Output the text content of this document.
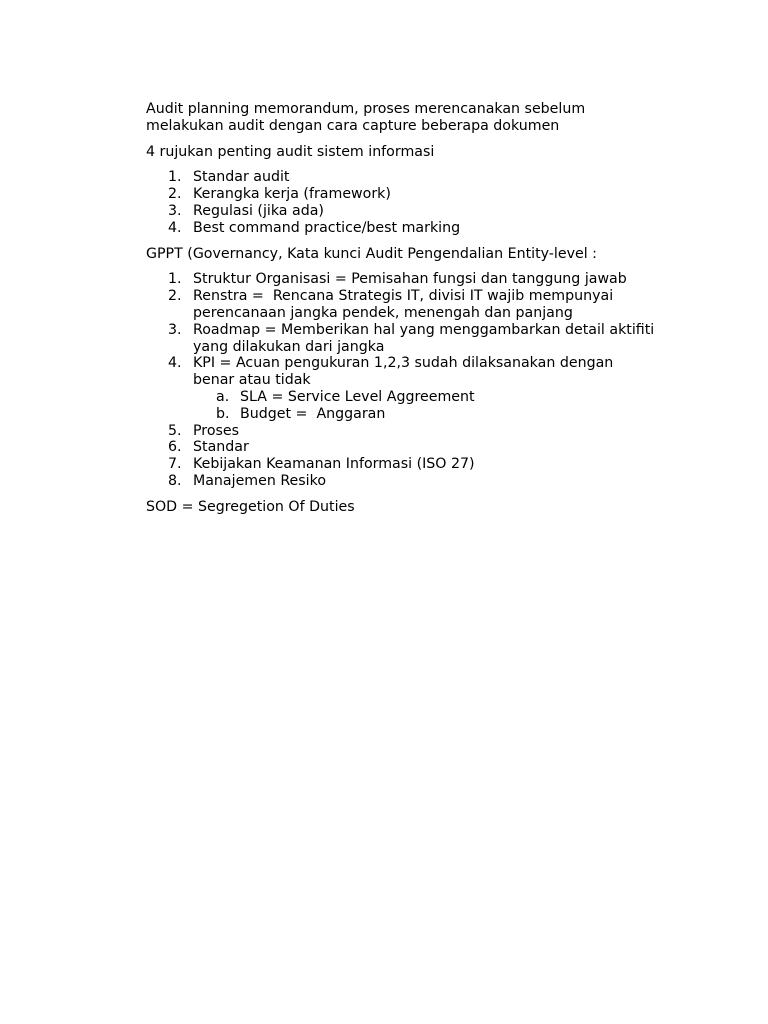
Audit planning memorandum, proses merencanakan sebelum
melakukan audit dengan cara capture beberapa dokumen

4 rujukan penting audit sistem informasi

1. Standar audit
2. Kerangka kerja (framework)
3. Regulasi (jika ada)
4. Best command practice/best marking

GPPT (Governancy, Kata kunci Audit Pengendalian Entity-level :

1. Struktur Organisasi = Pemisahan fungsi dan tanggung jawab
2. Renstra =  Rencana Strategis IT, divisi IT wajib mempunyai
perencanaan jangka pendek, menengah dan panjang
3. Roadmap = Memberikan hal yang menggambarkan detail aktifiti
yang dilakukan dari jangka
4. KPI = Acuan pengukuran 1,2,3 sudah dilaksanakan dengan
benar atau tidak
a. SLA = Service Level Aggreement
b. Budget =  Anggaran
5. Proses
6. Standar
7. Kebijakan Keamanan Informasi (ISO 27)
8. Manajemen Resiko

SOD = Segregetion Of Duties
